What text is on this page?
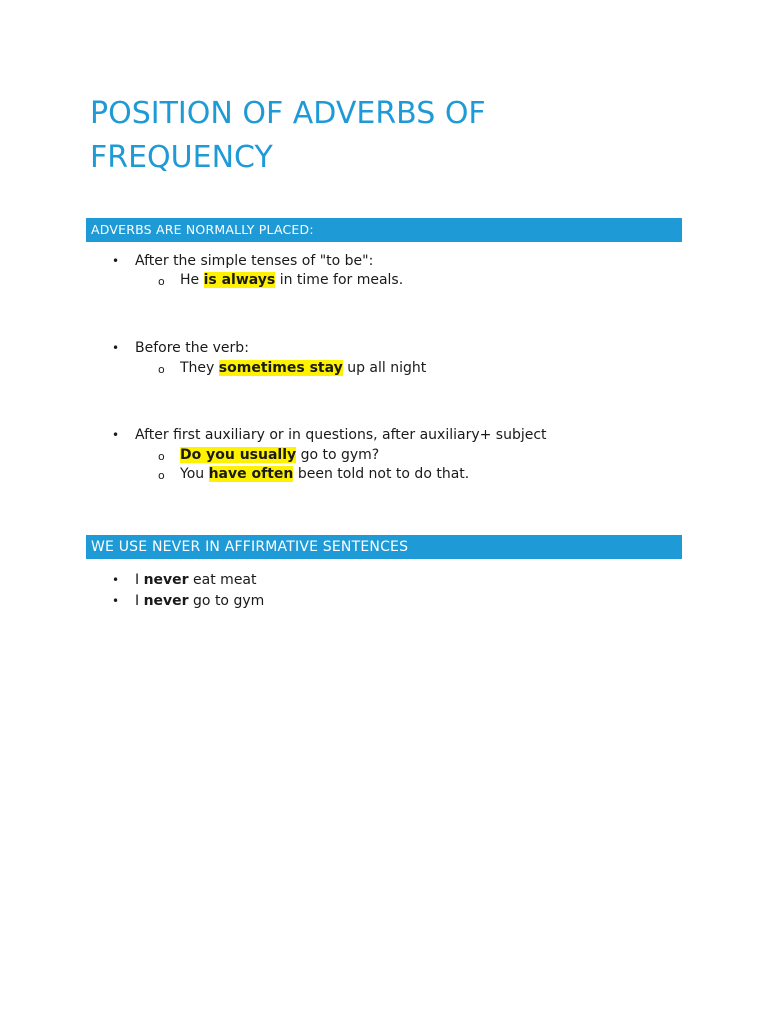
POSITION OF ADVERBS OF FREQUENCY
ADVERBS ARE NORMALLY PLACED:
• After the simple tenses of "to be":
o He is always in time for meals.
• Before the verb:
o They sometimes stay up all night
• After first auxiliary or in questions, after auxiliary+ subject
o Do you usually go to gym?
o You have often been told not to do that.
WE USE NEVER IN AFFIRMATIVE SENTENCES
• I never eat meat
• I never go to gym
